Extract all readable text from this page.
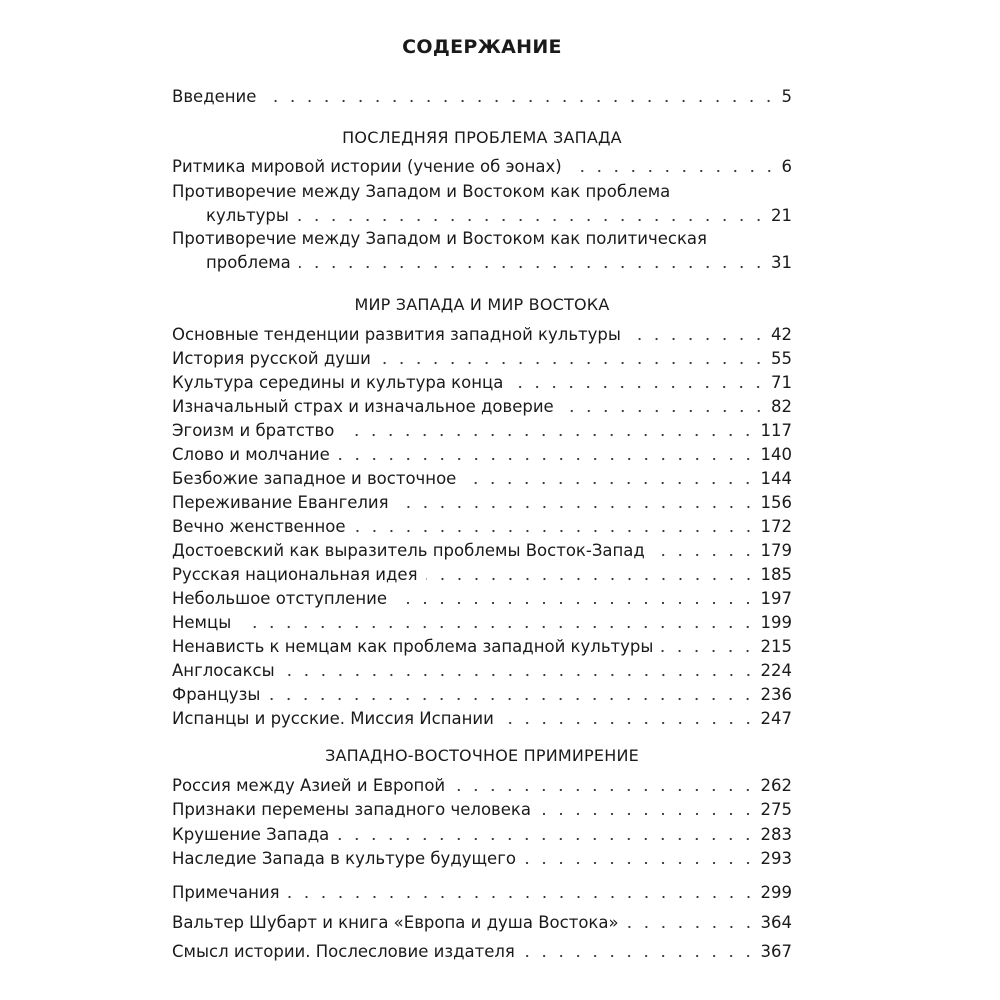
СОДЕРЖАНИЕ
Введение	5
ПОСЛЕДНЯЯ ПРОБЛЕМА ЗАПАДА
Ритмика мировой истории (учение об эонах)	6
Противоречие между Западом и Востоком как проблема
культуры	21
Противоречие между Западом и Востоком как политическая
проблема	31
МИР ЗАПАДА И МИР ВОСТОКА
Основные тенденции развития западной культуры	42
История русской души	55
Культура середины и культура конца	71
Изначальный страх и изначальное доверие	82
Эгоизм и братство	117
Слово и молчание	140
Безбожие западное и восточное	144
Переживание Евангелия	156
Вечно женственное	172
Достоевский как выразитель проблемы Восток-Запад	179
Русская национальная идея	185
Небольшое отступление	197
Немцы	199
Ненависть к немцам как проблема западной культуры	215
Англосаксы	224
Французы	236
Испанцы и русские. Миссия Испании	247
ЗАПАДНО-ВОСТОЧНОЕ ПРИМИРЕНИЕ
Россия между Азией и Европой	262
Признаки перемены западного человека	275
Крушение Запада	283
Наследие Запада в культуре будущего	293
Примечания	299
Вальтер Шубарт и книга «Европа и душа Востока»	364
Смысл истории. Послесловие издателя	367
